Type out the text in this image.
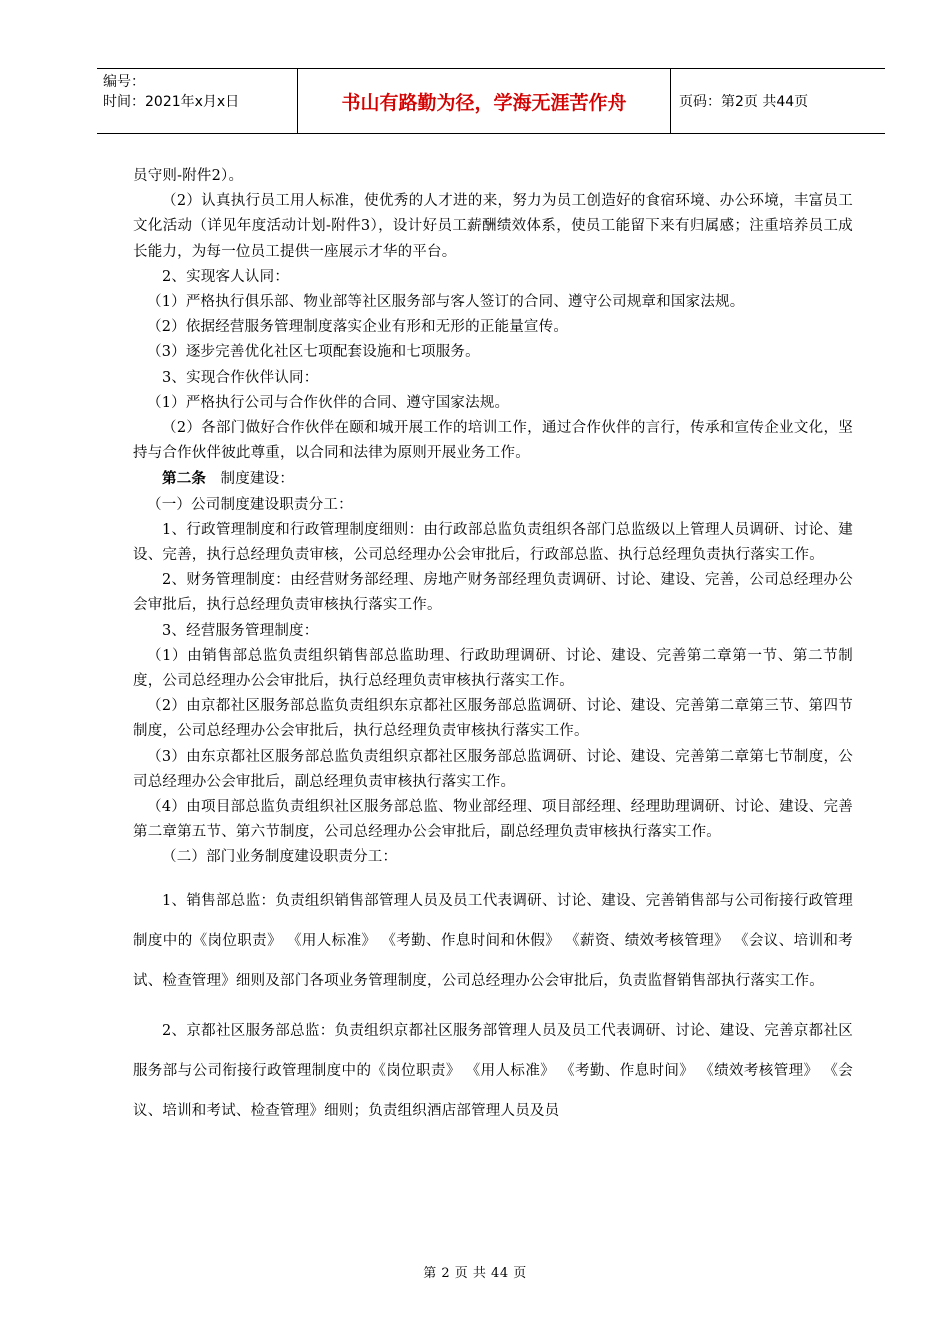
编号：
时间：2021年x月x日	书山有路勤为径，学海无涯苦作舟	页码：第2页 共44页

员守则-附件2）。

（2）认真执行员工用人标准，使优秀的人才进的来，努力为员工创造好的食宿环境、办公环境，丰富员工文化活动（详见年度活动计划-附件3），设计好员工薪酬绩效体系，使员工能留下来有归属感；注重培养员工成长能力，为每一位员工提供一座展示才华的平台。

2、实现客人认同：

（1）严格执行俱乐部、物业部等社区服务部与客人签订的合同、遵守公司规章和国家法规。

（2）依据经营服务管理制度落实企业有形和无形的正能量宣传。

（3）逐步完善优化社区七项配套设施和七项服务。

3、实现合作伙伴认同：

（1）严格执行公司与合作伙伴的合同、遵守国家法规。

（2）各部门做好合作伙伴在颐和城开展工作的培训工作，通过合作伙伴的言行，传承和宣传企业文化，坚持与合作伙伴彼此尊重，以合同和法律为原则开展业务工作。

第二条 制度建设：

（一）公司制度建设职责分工：

1、行政管理制度和行政管理制度细则：由行政部总监负责组织各部门总监级以上管理人员调研、讨论、建设、完善，执行总经理负责审核，公司总经理办公会审批后，行政部总监、执行总经理负责执行落实工作。

2、财务管理制度：由经营财务部经理、房地产财务部经理负责调研、讨论、建设、完善，公司总经理办公会审批后，执行总经理负责审核执行落实工作。

3、经营服务管理制度：

（1）由销售部总监负责组织销售部总监助理、行政助理调研、讨论、建设、完善第二章第一节、第二节制度，公司总经理办公会审批后，执行总经理负责审核执行落实工作。

（2）由京都社区服务部总监负责组织东京都社区服务部总监调研、讨论、建设、完善第二章第三节、第四节制度，公司总经理办公会审批后，执行总经理负责审核执行落实工作。

（3）由东京都社区服务部总监负责组织京都社区服务部总监调研、讨论、建设、完善第二章第七节制度，公司总经理办公会审批后，副总经理负责审核执行落实工作。

（4）由项目部总监负责组织社区服务部总监、物业部经理、项目部经理、经理助理调研、讨论、建设、完善第二章第五节、第六节制度，公司总经理办公会审批后，副总经理负责审核执行落实工作。

（二）部门业务制度建设职责分工：

1、销售部总监：负责组织销售部管理人员及员工代表调研、讨论、建设、完善销售部与公司衔接行政管理制度中的《岗位职责》 《用人标准》 《考勤、作息时间和休假》 《薪资、绩效考核管理》 《会议、培训和考试、检查管理》细则及部门各项业务管理制度，公司总经理办公会审批后，负责监督销售部执行落实工作。

2、京都社区服务部总监：负责组织京都社区服务部管理人员及员工代表调研、讨论、建设、完善京都社区服务部与公司衔接行政管理制度中的《岗位职责》 《用人标准》 《考勤、作息时间》 《绩效考核管理》 《会议、培训和考试、检查管理》细则；负责组织酒店部管理人员及员

第 2 页 共 44 页
